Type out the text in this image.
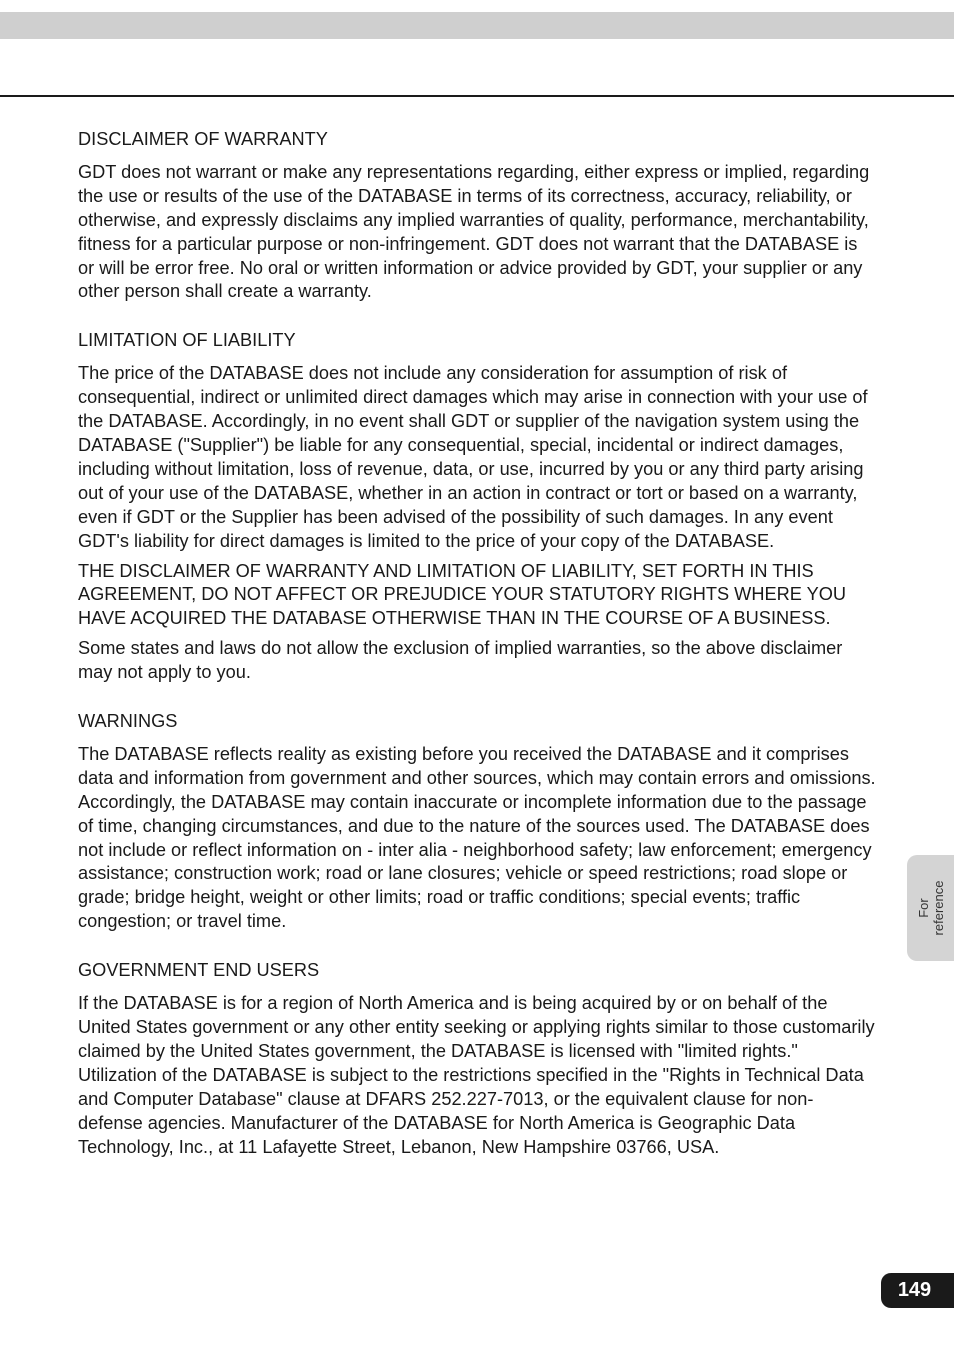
DISCLAIMER OF WARRANTY

GDT does not warrant or make any representations regarding, either express or implied, regarding the use or results of the use of the DATABASE in terms of its correctness, accuracy, reliability, or otherwise, and expressly disclaims any implied warranties of quality, performance, merchantability, fitness for a particular purpose or non-infringement. GDT does not warrant that the DATABASE is or will be error free. No oral or written information or advice provided by GDT, your supplier or any other person shall create a warranty.

LIMITATION OF LIABILITY

The price of the DATABASE does not include any consideration for assumption of risk of consequential, indirect or unlimited direct damages which may arise in connection with your use of the DATABASE. Accordingly, in no event shall GDT or supplier of the navigation system using the DATABASE ("Supplier") be liable for any consequential, special, incidental or indirect damages, including without limitation, loss of revenue, data, or use, incurred by you or any third party arising out of your use of the DATABASE, whether in an action in contract or tort or based on a warranty, even if GDT or the Supplier has been advised of the possibility of such damages. In any event GDT's liability for direct damages is limited to the price of your copy of the DATABASE.

THE DISCLAIMER OF WARRANTY AND LIMITATION OF LIABILITY, SET FORTH IN THIS AGREEMENT, DO NOT AFFECT OR PREJUDICE YOUR STATUTORY RIGHTS WHERE YOU HAVE ACQUIRED THE DATABASE OTHERWISE THAN IN THE COURSE OF A BUSINESS.

Some states and laws do not allow the exclusion of implied warranties, so the above disclaimer may not apply to you.

WARNINGS

The DATABASE reflects reality as existing before you received the DATABASE and it comprises data and information from government and other sources, which may contain errors and omissions. Accordingly, the DATABASE may contain inaccurate or incomplete information due to the passage of time, changing circumstances, and due to the nature of the sources used. The DATABASE does not include or reflect information on - inter alia - neighborhood safety; law enforcement; emergency assistance; construction work; road or lane closures; vehicle or speed restrictions; road slope or grade; bridge height, weight or other limits; road or traffic conditions; special events; traffic congestion; or travel time.

GOVERNMENT END USERS

If the DATABASE is for a region of North America and is being acquired by or on behalf of the United States government or any other entity seeking or applying rights similar to those customarily claimed by the United States government, the DATABASE is licensed with "limited rights." Utilization of the DATABASE is subject to the restrictions specified in the "Rights in Technical Data and Computer Database" clause at DFARS 252.227-7013, or the equivalent clause for non-defense agencies. Manufacturer of the DATABASE for North America is Geographic Data Technology, Inc., at 11 Lafayette Street, Lebanon, New Hampshire 03766, USA.

For reference
149
